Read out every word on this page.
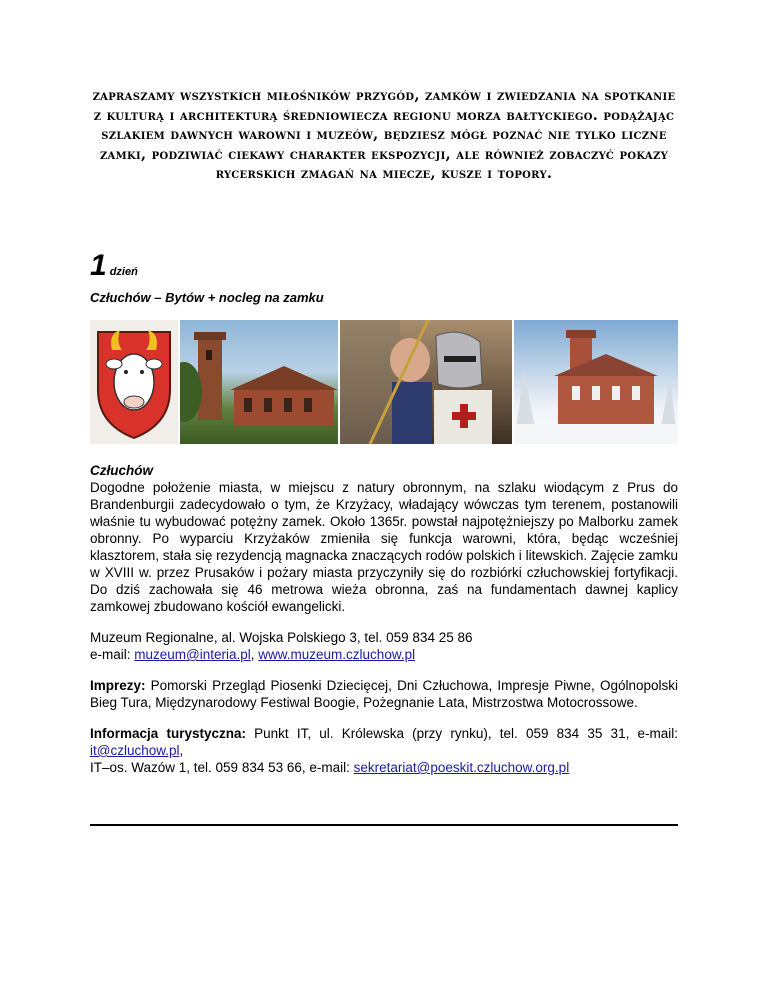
zapraszamy wszystkich miłośników przygód, zamków i zwiedzania na spotkanie z kulturą i architekturą średniowiecza regionu morza bałtyckiego. podążając szlakiem dawnych warowni i muzeów, będziesz mógł poznać nie tylko liczne zamki, podziwiać ciekawy charakter ekspozycji, ale również zobaczyć pokazy rycerskich zmagań na miecze, kusze i topory.
1 dzień
Człuchów – Bytów + nocleg na zamku

Człuchów

Dogodne położenie miasta, w miejscu z natury obronnym, na szlaku wiodącym z Prus do Brandenburgii zadecydowało o tym, że Krzyżacy, władający wówczas tym terenem, postanowili właśnie tu wybudować potężny zamek. Około 1365r. powstał najpotężniejszy po Malborku zamek obronny. Po wyparciu Krzyżaków zmieniła się funkcja warowni, która, będąc wcześniej klasztorem, stała się rezydencją magnacka znaczących rodów polskich i litewskich. Zajęcie zamku w XVIII w. przez Prusaków i pożary miasta przyczyniły się do rozbiórki człuchowskiej fortyfikacji. Do dziś zachowała się 46 metrowa wieża obronna, zaś na fundamentach dawnej kaplicy zamkowej zbudowano kościół ewangelicki.

Muzeum Regionalne, al. Wojska Polskiego 3, tel. 059 834 25 86
e-mail: muzeum@interia.pl, www.muzeum.czluchow.pl

Imprezy: Pomorski Przegląd Piosenki Dziecięcej, Dni Człuchowa, Impresje Piwne, Ogólnopolski Bieg Tura, Międzynarodowy Festiwal Boogie, Pożegnanie Lata, Mistrzostwa Motocrossowe.

Informacja turystyczna: Punkt IT, ul. Królewska (przy rynku), tel. 059 834 35 31, e-mail: it@czluchow.pl,
IT–os. Wazów 1, tel. 059 834 53 66, e-mail: sekretariat@poeskit.czluchow.org.pl
